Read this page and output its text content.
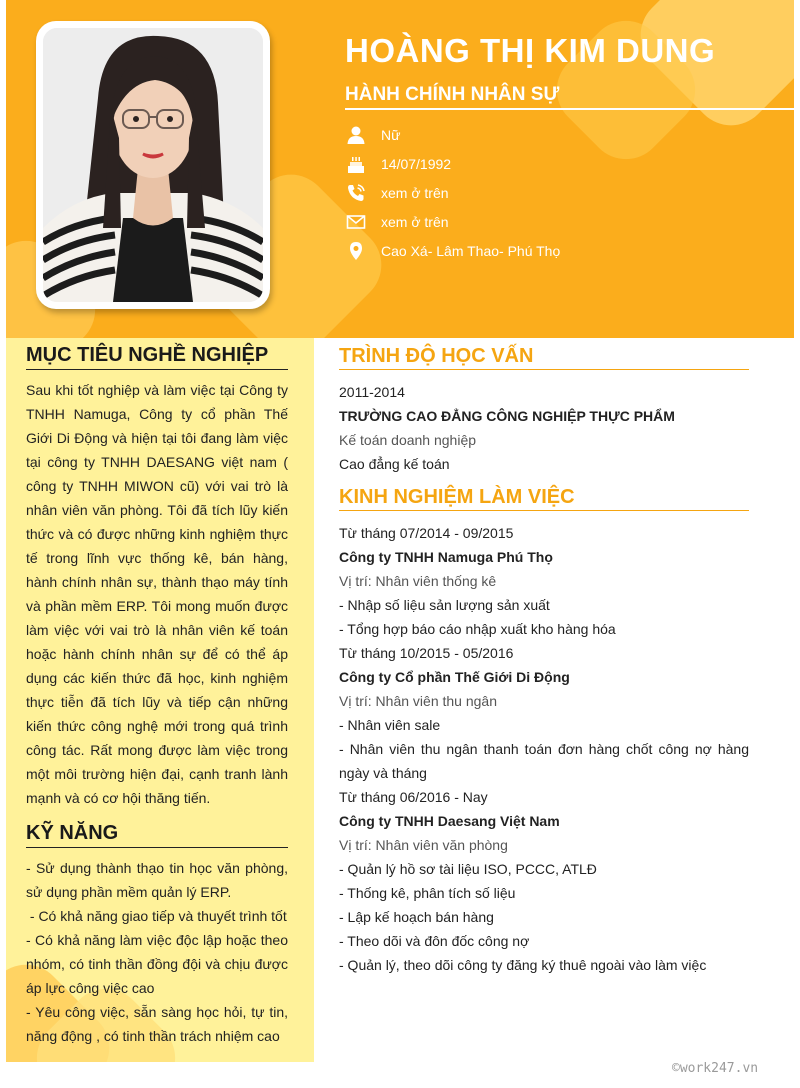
HOÀNG THỊ KIM DUNG
HÀNH CHÍNH NHÂN SỰ
Nữ
14/07/1992
xem ở trên
xem ở trên
Cao Xá- Lâm Thao- Phú Thọ
MỤC TIÊU NGHỀ NGHIỆP
Sau khi tốt nghiệp và làm việc tại Công ty TNHH Namuga, Công ty cổ phần Thế Giới Di Động và hiện tại tôi đang làm việc tại công ty TNHH DAESANG việt nam ( công ty TNHH MIWON cũ) với vai trò là nhân viên văn phòng. Tôi đã tích lũy kiến thức và có được những kinh nghiệm thực tế trong lĩnh vực thống kê, bán hàng, hành chính nhân sự, thành thạo máy tính và phần mềm ERP. Tôi mong muốn được làm việc với vai trò là nhân viên kế toán hoặc hành chính nhân sự để có thể áp dụng các kiến thức đã học, kinh nghiệm thực tiễn đã tích lũy và tiếp cận những kiến thức công nghệ mới trong quá trình công tác. Rất mong được làm việc trong một môi trường hiện đại, cạnh tranh lành mạnh và có cơ hội thăng tiến.
KỸ NĂNG
- Sử dụng thành thạo tin học văn phòng, sử dụng phần mềm quản lý ERP.
- Có khả năng giao tiếp và thuyết trình tốt
- Có khả năng làm việc độc lập hoặc theo nhóm, có tinh thần đồng đội và chịu được áp lực công việc cao
- Yêu công việc, sẵn sàng học hỏi, tự tin, năng động , có tinh thần trách nhiệm cao
TRÌNH ĐỘ HỌC VẤN
2011-2014
TRƯỜNG CAO ĐẲNG CÔNG NGHIỆP THỰC PHẨM
Kế toán doanh nghiệp
Cao đẳng kế toán
KINH NGHIỆM LÀM VIỆC
Từ tháng 07/2014 - 09/2015
Công ty TNHH Namuga Phú Thọ
Vị trí: Nhân viên thống kê
- Nhập số liệu sản lượng sản xuất
- Tổng hợp báo cáo nhập xuất kho hàng hóa
Từ tháng 10/2015 - 05/2016
Công ty Cổ phần Thế Giới Di Động
Vị trí: Nhân viên thu ngân
- Nhân viên sale
- Nhân viên thu ngân thanh toán đơn hàng chốt công nợ hàng ngày và tháng
Từ tháng 06/2016 - Nay
Công ty TNHH Daesang Việt Nam
Vị trí: Nhân viên văn phòng
- Quản lý hồ sơ tài liệu ISO, PCCC, ATLĐ
- Thống kê, phân tích số liệu
- Lập kế hoạch bán hàng
- Theo dõi và đôn đốc công nợ
- Quản lý, theo dõi công ty đăng ký thuê ngoài vào làm việc
©work247.vn
